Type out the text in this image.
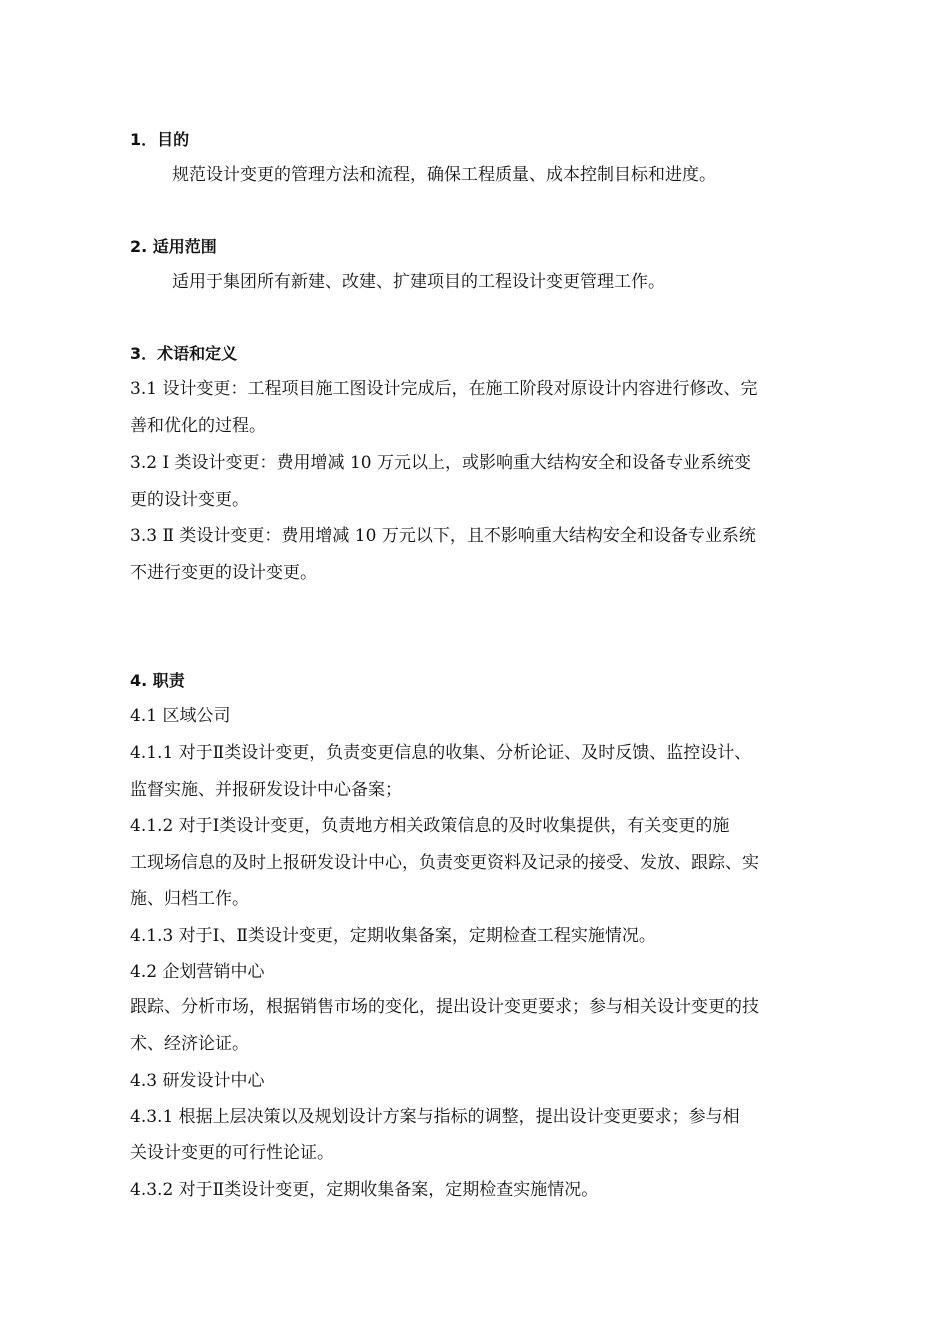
1．目的
规范设计变更的管理方法和流程，确保工程质量、成本控制目标和进度。
2. 适用范围
适用于集团所有新建、改建、扩建项目的工程设计变更管理工作。
3．术语和定义
3.1 设计变更：工程项目施工图设计完成后，在施工阶段对原设计内容进行修改、完
善和优化的过程。
3.2 Ⅰ 类设计变更：费用增减 10 万元以上，或影响重大结构安全和设备专业系统变
更的设计变更。
3.3 Ⅱ 类设计变更：费用增减 10 万元以下，且不影响重大结构安全和设备专业系统
不进行变更的设计变更。
4. 职责
4.1 区域公司
4.1.1 对于Ⅱ类设计变更，负责变更信息的收集、分析论证、及时反馈、监控设计、
监督实施、并报研发设计中心备案；
4.1.2 对于Ⅰ类设计变更，负责地方相关政策信息的及时收集提供，有关变更的施
工现场信息的及时上报研发设计中心，负责变更资料及记录的接受、发放、跟踪、实
施、归档工作。
4.1.3 对于Ⅰ、Ⅱ类设计变更，定期收集备案，定期检查工程实施情况。
4.2 企划营销中心
跟踪、分析市场，根据销售市场的变化，提出设计变更要求；参与相关设计变更的技
术、经济论证。
4.3 研发设计中心
4.3.1 根据上层决策以及规划设计方案与指标的调整，提出设计变更要求；参与相
关设计变更的可行性论证。
4.3.2 对于Ⅱ类设计变更，定期收集备案，定期检查实施情况。
